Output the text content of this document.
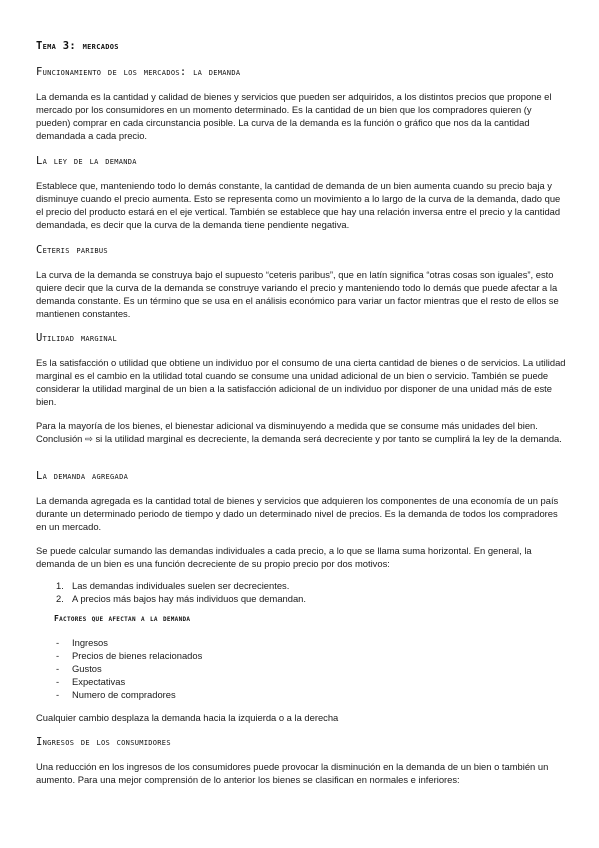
Tema 3: mercados
Funcionamiento de los mercados: la demanda

La demanda es la cantidad y calidad de bienes y servicios que pueden ser adquiridos, a los distintos precios que propone el mercado por los consumidores en un momento determinado. Es la cantidad de un bien que los compradores quieren (y pueden) comprar en cada circunstancia posible. La curva de la demanda es la función o gráfico que nos da la cantidad demandada a cada precio.

La ley de la demanda

Establece que, manteniendo todo lo demás constante, la cantidad de demanda de un bien aumenta cuando su precio baja y disminuye cuando el precio aumenta. Esto se representa como un movimiento a lo largo de la curva de la demanda, dado que el precio del producto estará en el eje vertical. También se establece que hay una relación inversa entre el precio y la cantidad demandada, es decir que la curva de la demanda tiene pendiente negativa.

Ceteris paribus

La curva de la demanda se construya bajo el supuesto “ceteris paribus”, que en latín significa “otras cosas son iguales”, esto quiere decir que la curva de la demanda se construye variando el precio y manteniendo todo lo demás que puede afectar a la demanda constante. Es un término que se usa en el análisis económico para variar un factor mientras que el resto de ellos se mantienen constantes.

Utilidad marginal

Es la satisfacción o utilidad que obtiene un individuo por el consumo de una cierta cantidad de bienes o de servicios. La utilidad marginal es el cambio en la utilidad total cuando se consume una unidad adicional de un bien o servicio. También se puede considerar la utilidad marginal de un bien a la satisfacción adicional de un individuo por disponer de una unidad más de este bien.

Para la mayoría de los bienes, el bienestar adicional va disminuyendo a medida que se consume más unidades del bien. Conclusión ⇨ si la utilidad marginal es decreciente, la demanda será decreciente y por tanto se cumplirá la ley de la demanda.

La demanda agregada

La demanda agregada es la cantidad total de bienes y servicios que adquieren los componentes de una economía de un país durante un determinado periodo de tiempo y dado un determinado nivel de precios. Es la demanda de todos los compradores en un mercado.

Se puede calcular sumando las demandas individuales a cada precio, a lo que se llama suma horizontal. En general, la demanda de un bien es una función decreciente de su propio precio por dos motivos:

1. Las demandas individuales suelen ser decrecientes.
2. A precios más bajos hay más individuos que demandan.
Factores que afectan a la demanda
- Ingresos
- Precios de bienes relacionados
- Gustos
- Expectativas
- Numero de compradores

Cualquier cambio desplaza la demanda hacia la izquierda o a la derecha

Ingresos de los consumidores

Una reducción en los ingresos de los consumidores puede provocar la disminución en la demanda de un bien o también un aumento. Para una mejor comprensión de lo anterior los bienes se clasifican en normales e inferiores:
